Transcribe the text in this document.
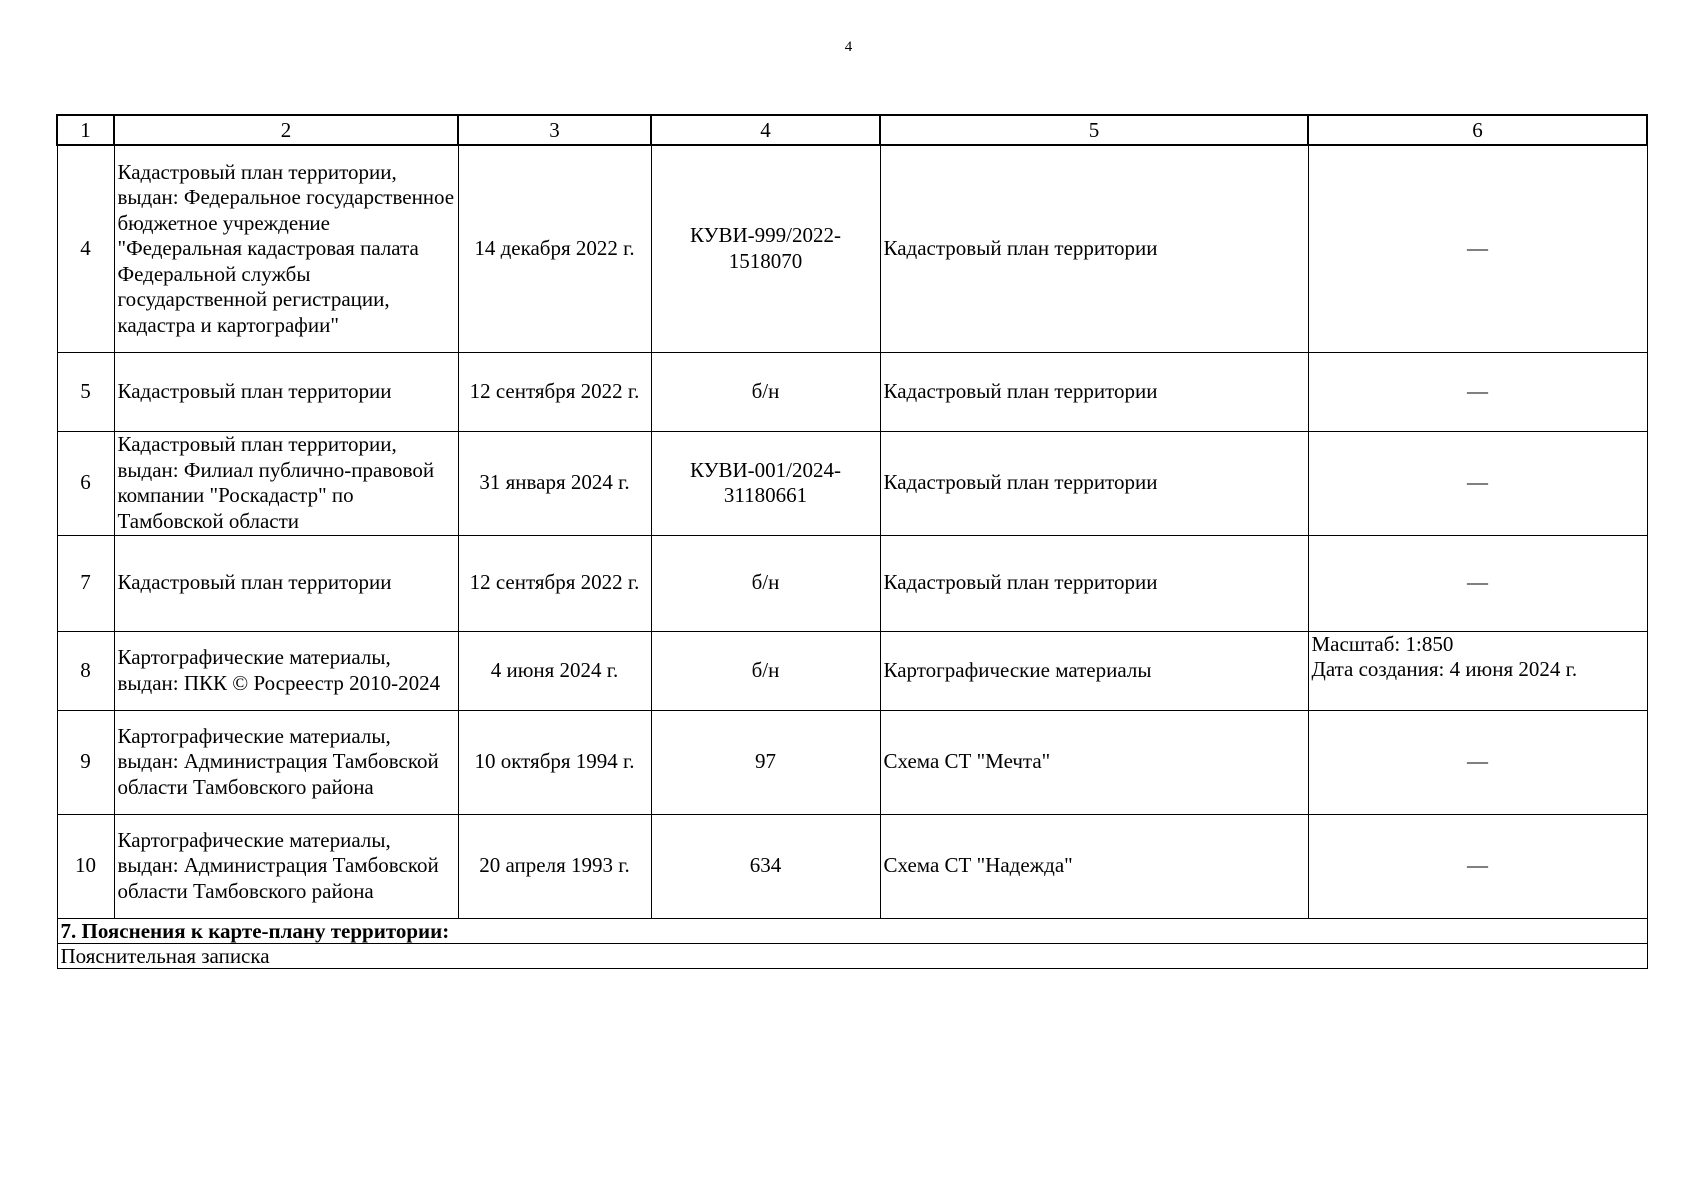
4
1	2	3	4	5	6
4	Кадастровый план территории, выдан: Федеральное государственное бюджетное учреждение "Федеральная кадастровая палата Федеральной службы государственной регистрации, кадастра и картографии"	14 декабря 2022 г.	КУВИ-999/2022-1518070	Кадастровый план территории	—
5	Кадастровый план территории	12 сентября 2022 г.	б/н	Кадастровый план территории	—
6	Кадастровый план территории, выдан: Филиал публично-правовой компании "Роскадастр" по Тамбовской области	31 января 2024 г.	КУВИ-001/2024-31180661	Кадастровый план территории	—
7	Кадастровый план территории	12 сентября 2022 г.	б/н	Кадастровый план территории	—
8	Картографические материалы, выдан: ПКК © Росреестр 2010-2024	4 июня 2024 г.	б/н	Картографические материалы	Масштаб: 1:850
Дата создания: 4 июня 2024 г.

9	Картографические материалы, выдан: Администрация Тамбовской области Тамбовского района	10 октября 1994 г.	97	Схема СТ "Мечта"	—
10	Картографические материалы, выдан: Администрация Тамбовской области Тамбовского района	20 апреля 1993 г.	634	Схема СТ "Надежда"	—
7. Пояснения к карте-плану территории:					
Пояснительная записка					
